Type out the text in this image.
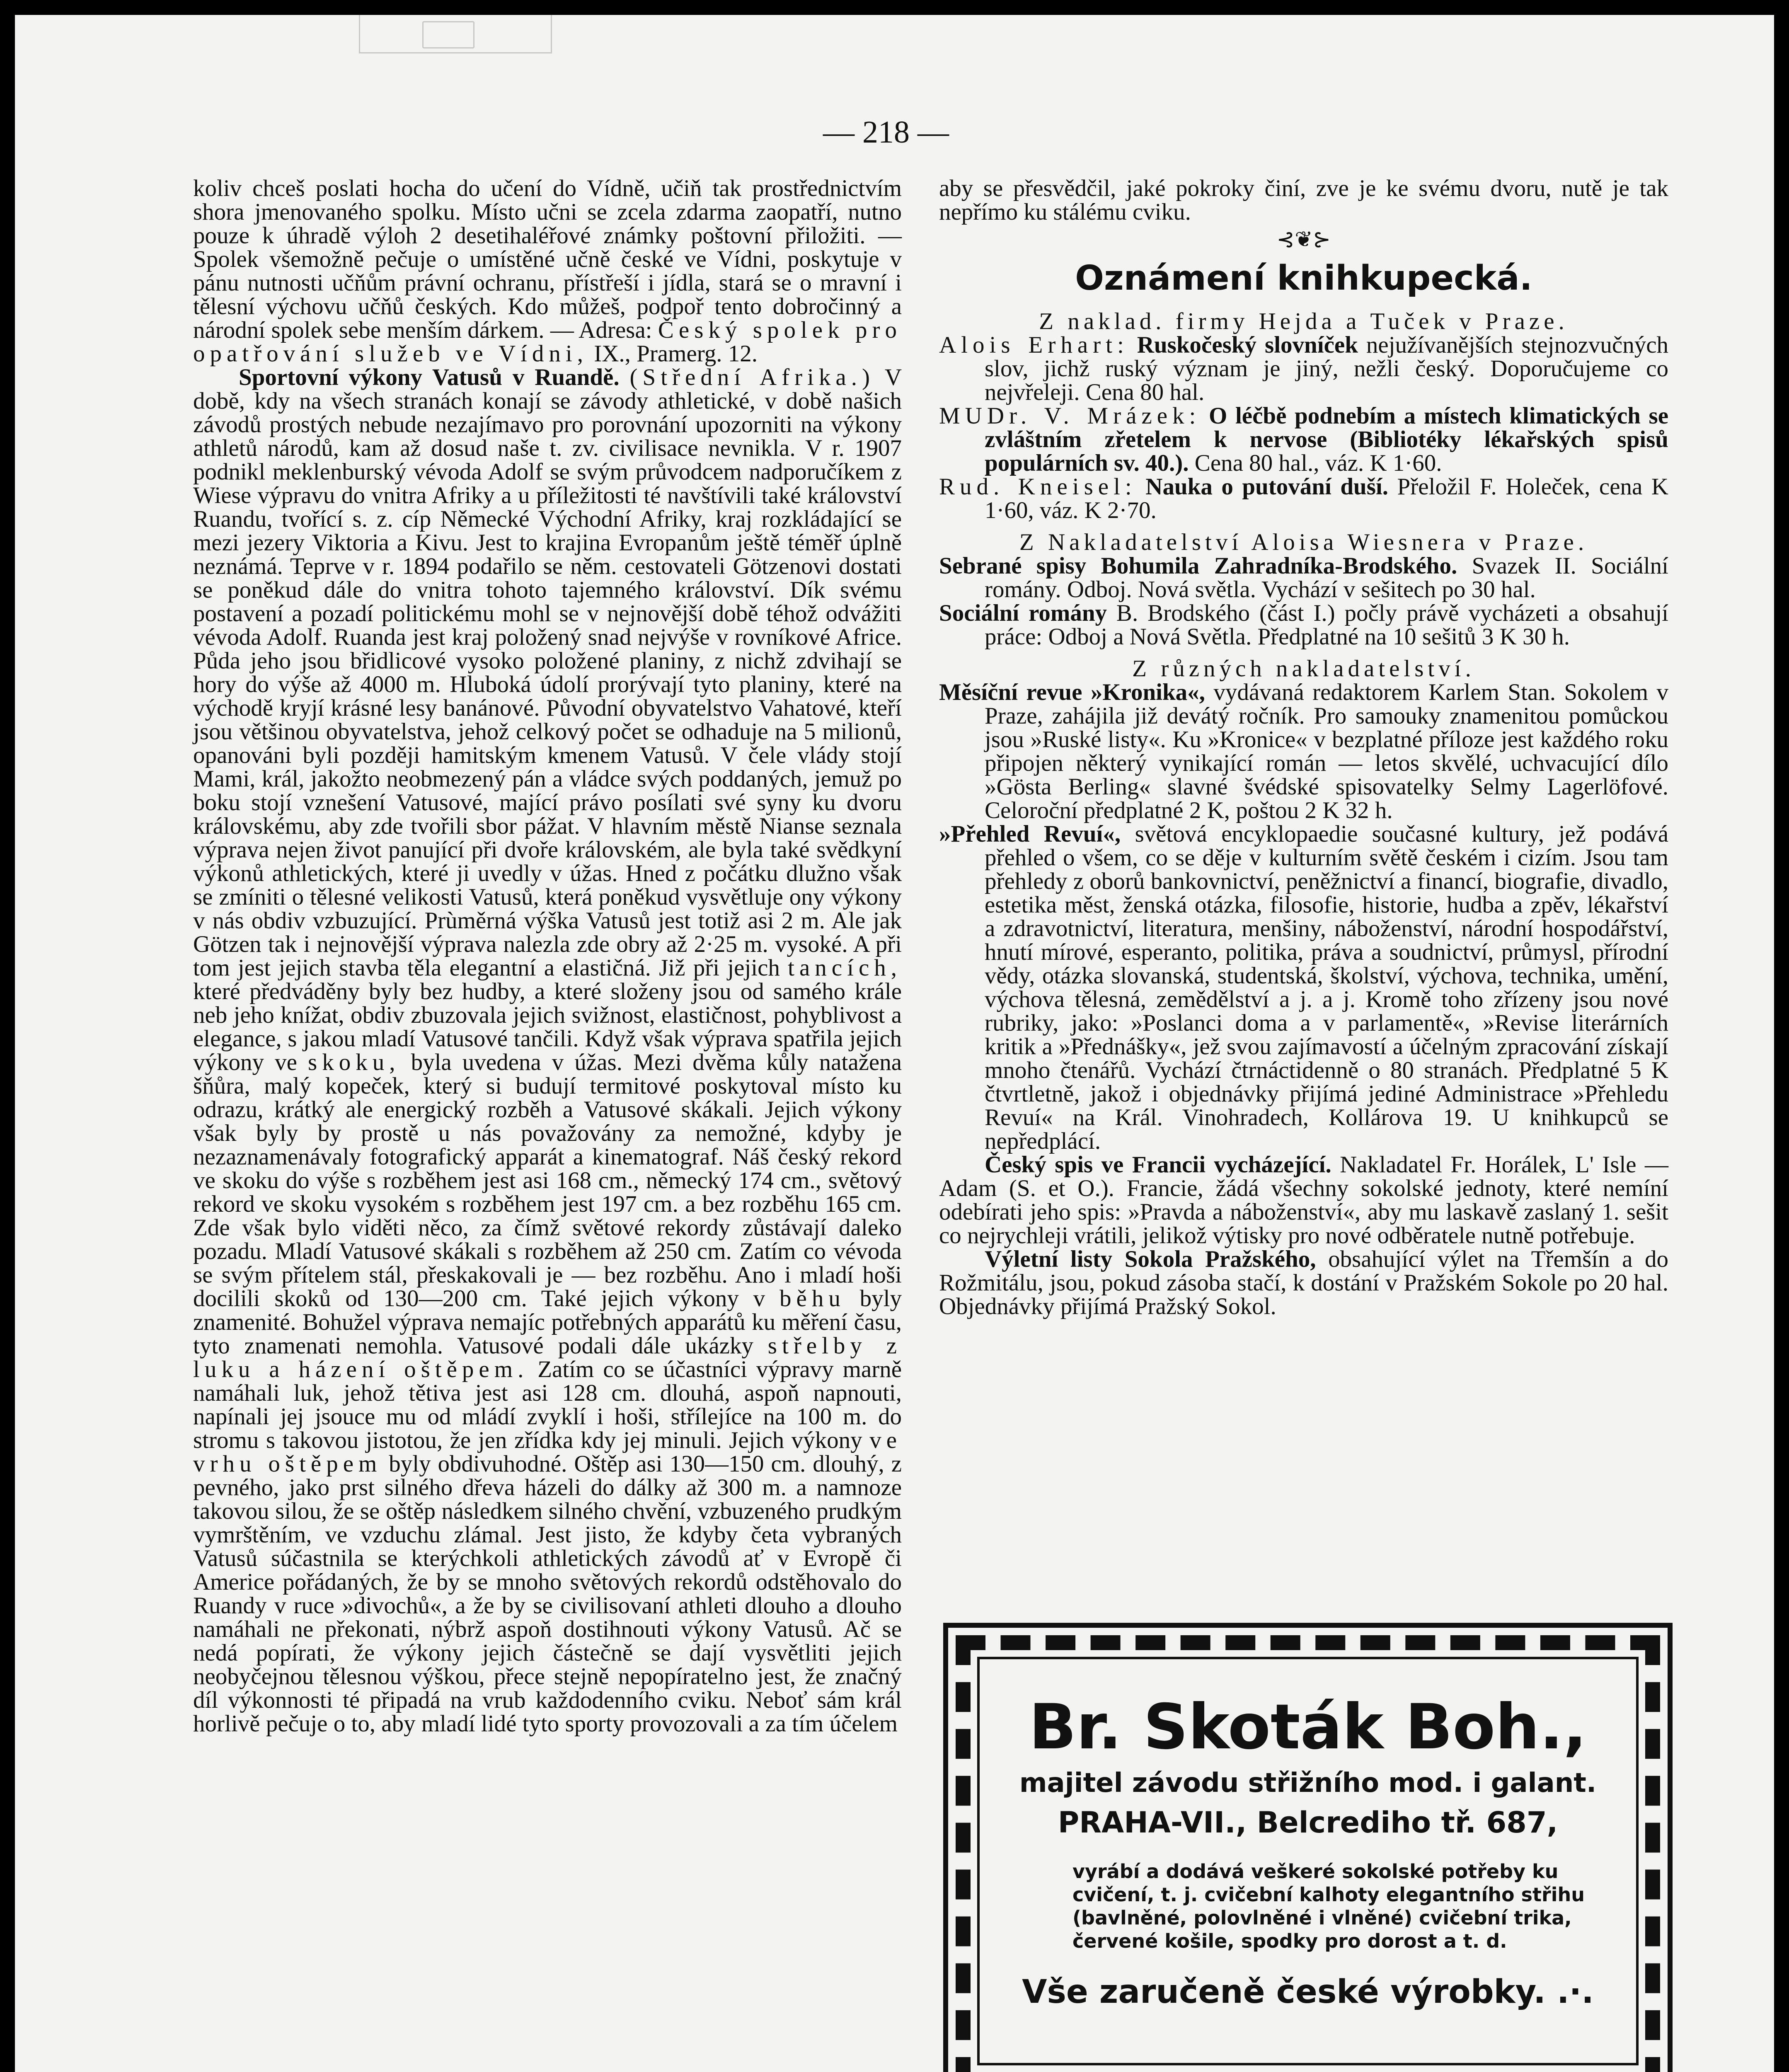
— 218 —

koliv chceš poslati hocha do učení do Vídně, učiň tak prostřednictvím shora jmenovaného spolku. Místo učni se zcela zdarma zaopatří, nutno pouze k úhradě výloh 2 desetihaléřové známky poštovní přiložiti. — Spolek všemožně pečuje o umístěné učně české ve Vídni, poskytuje v pánu nutnosti učňům právní ochranu, přístřeší i jídla, stará se o mravní i tělesní výchovu učňů českých. Kdo můžeš, podpoř tento dobročinný a národní spolek sebe menším dárkem. — Adresa: Český spolek pro opatřování služeb ve Vídni, IX., Pramerg. 12.

Sportovní výkony Vatusů v Ruandě. (Střední Afrika.) V době, kdy na všech stranách konají se závody athletické, v době našich závodů prostých nebude nezajímavo pro porovnání upozorniti na výkony athletů národů, kam až dosud naše t. zv. civilisace nevnikla. V r. 1907 podnikl meklenburský vévoda Adolf se svým průvodcem nadporučíkem z Wiese výpravu do vnitra Afriky a u příležitosti té navštívili také království Ruandu, tvořící s. z. cíp Německé Východní Afriky, kraj rozkládající se mezi jezery Viktoria a Kivu. Jest to krajina Evropanům ještě téměř úplně neznámá. Teprve v r. 1894 podařilo se něm. cestovateli Götzenovi dostati se poněkud dále do vnitra tohoto tajemného království. Dík svému postavení a pozadí politickému mohl se v nejnovější době téhož odvážiti vévoda Adolf. Ruanda jest kraj položený snad nejvýše v rovníkové Africe. Půda jeho jsou břidlicové vysoko položené planiny, z nichž zdvihají se hory do výše až 4000 m. Hluboká údolí prorývají tyto planiny, které na východě kryjí krásné lesy banánové. Původní obyvatelstvo Vahatové, kteří jsou většinou obyvatelstva, jehož celkový počet se odhaduje na 5 milionů, opanováni byli později hamitským kmenem Vatusů. V čele vlády stojí Mami, král, jakožto neobmezený pán a vládce svých poddaných, jemuž po boku stojí vznešení Vatusové, mající právo posílati své syny ku dvoru královskému, aby zde tvořili sbor pážat. V hlavním městě Nianse seznala výprava nejen život panující při dvoře královském, ale byla také svědkyní výkonů athletických, které ji uvedly v úžas. Hned z počátku dlužno však se zmíniti o tělesné velikosti Vatusů, která poněkud vysvětluje ony výkony v nás obdiv vzbuzující. Prùměrná výška Vatusů jest totiž asi 2 m. Ale jak Götzen tak i nejnovější výprava nalezla zde obry až 2·25 m. vysoké. A při tom jest jejich stavba těla elegantní a elastičná. Již při jejich tancích, které předváděny byly bez hudby, a které složeny jsou od samého krále neb jeho knížat, obdiv zbuzovala jejich svižnost, elastičnost, pohyblivost a elegance, s jakou mladí Vatusové tančili. Když však výprava spatřila jejich výkony ve skoku, byla uvedena v úžas. Mezi dvěma kůly natažena šňůra, malý kopeček, který si budují termitové poskytoval místo ku odrazu, krátký ale energický rozběh a Vatusové skákali. Jejich výkony však byly by prostě u nás považovány za nemožné, kdyby je nezaznamenávaly fotografický apparát a kinematograf. Náš český rekord ve skoku do výše s rozběhem jest asi 168 cm., německý 174 cm., světový rekord ve skoku vysokém s rozběhem jest 197 cm. a bez rozběhu 165 cm. Zde však bylo viděti něco, za čímž světové rekordy zůstávají daleko pozadu. Mladí Vatusové skákali s rozběhem až 250 cm. Zatím co vévoda se svým přítelem stál, přeskakovali je — bez rozběhu. Ano i mladí hoši docilili skoků od 130—200 cm. Také jejich výkony v běhu byly znamenité. Bohužel výprava nemajíc potřebných apparátů ku měření času, tyto znamenati nemohla. Vatusové podali dále ukázky střelby z luku a házení oštěpem. Zatím co se účastníci výpravy marně namáhali luk, jehož tětiva jest asi 128 cm. dlouhá, aspoň napnouti, napínali jej jsouce mu od mládí zvyklí i hoši, střílejíce na 100 m. do stromu s takovou jistotou, že jen zřídka kdy jej minuli. Jejich výkony ve vrhu oštěpem byly obdivuhodné. Oštěp asi 130—150 cm. dlouhý, z pevného, jako prst silného dřeva házeli do dálky až 300 m. a namnoze takovou silou, že se oštěp následkem silného chvění, vzbuzeného prudkým vymrštěním, ve vzduchu zlámal. Jest jisto, že kdyby četa vybraných Vatusů súčastnila se kterýchkoli athletických závodů ať v Evropě či Americe pořádaných, že by se mnoho světových rekordů odstěhovalo do Ruandy v ruce »divochů«, a že by se civilisovaní athleti dlouho a dlouho namáhali ne překonati, nýbrž aspoň dostihnouti výkony Vatusů. Ač se nedá popírati, že výkony jejich částečně se dají vysvětliti jejich neobyčejnou tělesnou výškou, přece stejně nepopíratelno jest, že značný díl výkonnosti té připadá na vrub každodenního cviku. Neboť sám král horlivě pečuje o to, aby mladí lidé tyto sporty provozovali a za tím účelem

aby se přesvědčil, jaké pokroky činí, zve je ke svému dvoru, nutě je tak nepřímo ku stálému cviku.

⊰❦⊱
Oznámení knihkupecká.
Z naklad. firmy Hejda a Tuček v Praze.

Alois Erhart: Ruskočeský slovníček nejužívanějších stejnozvučných slov, jichž ruský význam je jiný, nežli český. Doporučujeme co nejvřeleji. Cena 80 hal.

MUDr. V. Mrázek: O léčbě podnebím a místech klimatických se zvláštním zřetelem k nervose (Bibliotéky lékařských spisů populárních sv. 40.). Cena 80 hal., váz. K 1·60.

Rud. Kneisel: Nauka o putování duší. Přeložil F. Holeček, cena K 1·60, váz. K 2·70.

Z Nakladatelství Aloisa Wiesnera v Praze.

Sebrané spisy Bohumila Zahradníka-Brodského. Svazek II. Sociální romány. Odboj. Nová světla. Vychází v sešitech po 30 hal.

Sociální romány B. Brodského (část I.) počly právě vycházeti a obsahují práce: Odboj a Nová Světla. Předplatné na 10 sešitů 3 K 30 h.

Z různých nakladatelství.

Měsíční revue »Kronika«, vydávaná redaktorem Karlem Stan. Sokolem v Praze, zahájila již devátý ročník. Pro samouky znamenitou pomůckou jsou »Ruské listy«. Ku »Kronice« v bezplatné příloze jest každého roku připojen některý vynikající román — letos skvělé, uchvacující dílo »Gösta Berling« slavné švédské spisovatelky Selmy Lagerlöfové. Celoroční předplatné 2 K, poštou 2 K 32 h.

»Přehled Revuí«, světová encyklopaedie současné kultury, jež podává přehled o všem, co se děje v kulturním světě českém i cizím. Jsou tam přehledy z oborů bankovnictví, peněžnictví a financí, biografie, divadlo, estetika měst, ženská otázka, filosofie, historie, hudba a zpěv, lékařství a zdravotnictví, literatura, menšiny, náboženství, národní hospodářství, hnutí mírové, esperanto, politika, práva a soudnictví, průmysl, přírodní vědy, otázka slovanská, studentská, školství, výchova, technika, umění, výchova tělesná, zemědělství a j. a j. Kromě toho zřízeny jsou nové rubriky, jako: »Poslanci doma a v parlamentě«, »Revise literárních kritik a »Přednášky«, jež svou zajímavostí a účelným zpracování získají mnoho čtenářů. Vychází čtrnáctidenně o 80 stranách. Předplatné 5 K čtvrtletně, jakož i objednávky přijímá jediné Administrace »Přehledu Revuí« na Král. Vinohradech, Kollárova 19. U knihkupců se nepředplácí.

Český spis ve Francii vycházející. Nakladatel Fr. Horálek, L' Isle — Adam (S. et O.). Francie, žádá všechny sokolské jednoty, které nemíní odebírati jeho spis: »Pravda a náboženství«, aby mu laskavě zaslaný 1. sešit co nejrychleji vrátili, jelikož výtisky pro nové odběratele nutně potřebuje.

Výletní listy Sokola Pražského, obsahující výlet na Třemšín a do Rožmitálu, jsou, pokud zásoba stačí, k dostání v Pražském Sokole po 20 hal. Objednávky přijímá Pražský Sokol.

Br. Skoták Boh.,
majitel závodu střižního mod. i galant.
PRAHA-VII., Belcrediho tř. 687,
vyrábí a dodává veškeré sokolské potřeby ku cvičení, t. j. cvičební kalhoty elegantního střihu (bavlněné, polovlněné i vlněné) cvičební trika, červené košile, spodky pro dorost a t. d.
Vše zaručeně české výrobky. .·.
